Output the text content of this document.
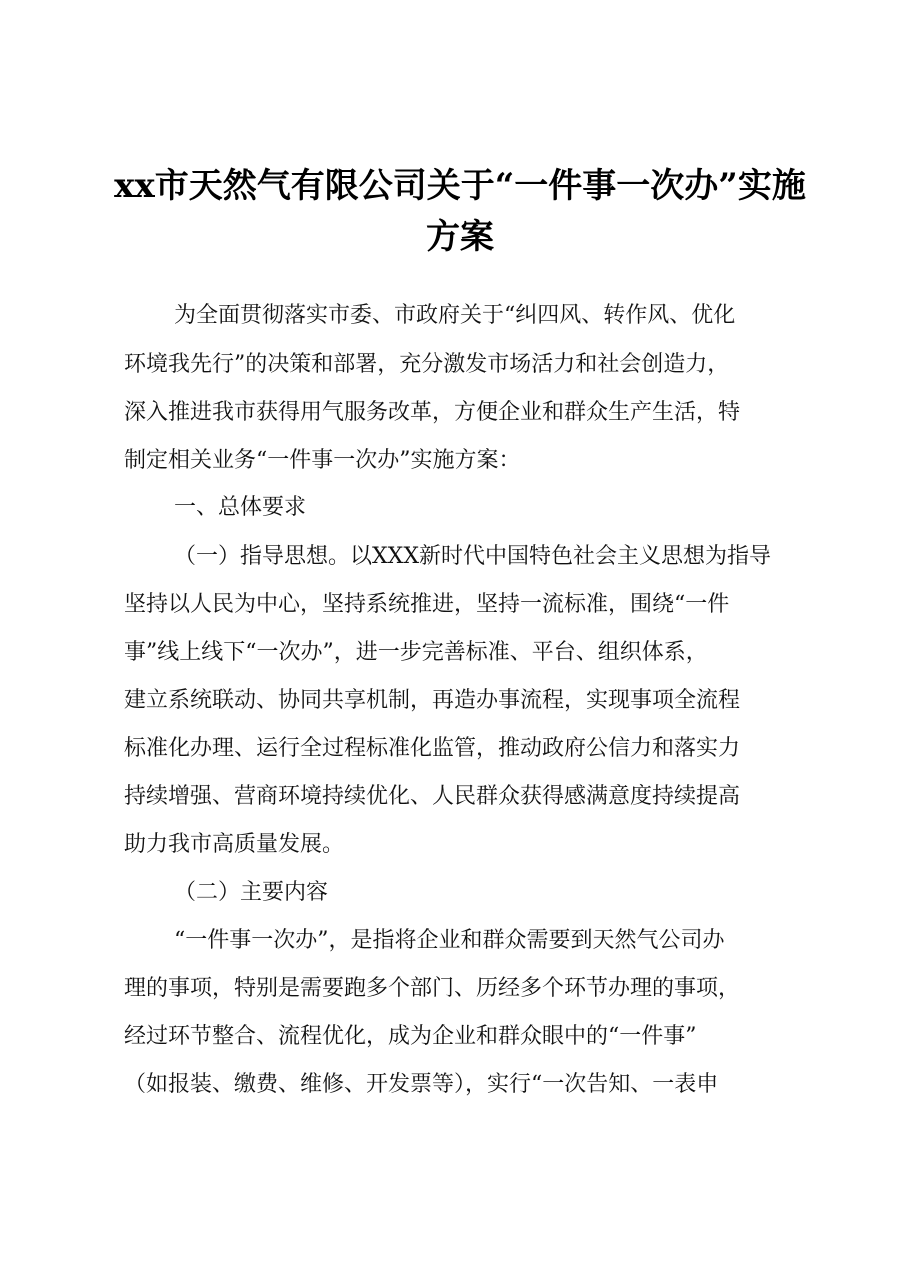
xx市天然气有限公司关于“一件事一次办”实施
方案
为全面贯彻落实市委、市政府关于“纠四风、转作风、优化
环境我先行”的决策和部署，充分激发市场活力和社会创造力，
深入推进我市获得用气服务改革，方便企业和群众生产生活，特
制定相关业务“一件事一次办”实施方案：
一、总体要求
（一）指导思想。以XXX新时代中国特色社会主义思想为指导
坚持以人民为中心，坚持系统推进，坚持一流标准，围绕“一件
事”线上线下“一次办”，进一步完善标准、平台、组织体系，
建立系统联动、协同共享机制，再造办事流程，实现事项全流程
标准化办理、运行全过程标准化监管，推动政府公信力和落实力
持续增强、营商环境持续优化、人民群众获得感满意度持续提高
助力我市高质量发展。
（二）主要内容
“一件事一次办”，是指将企业和群众需要到天然气公司办
理的事项，特别是需要跑多个部门、历经多个环节办理的事项，
经过环节整合、流程优化，成为企业和群众眼中的“一件事”
（如报装、缴费、维修、开发票等），实行“一次告知、一表申
